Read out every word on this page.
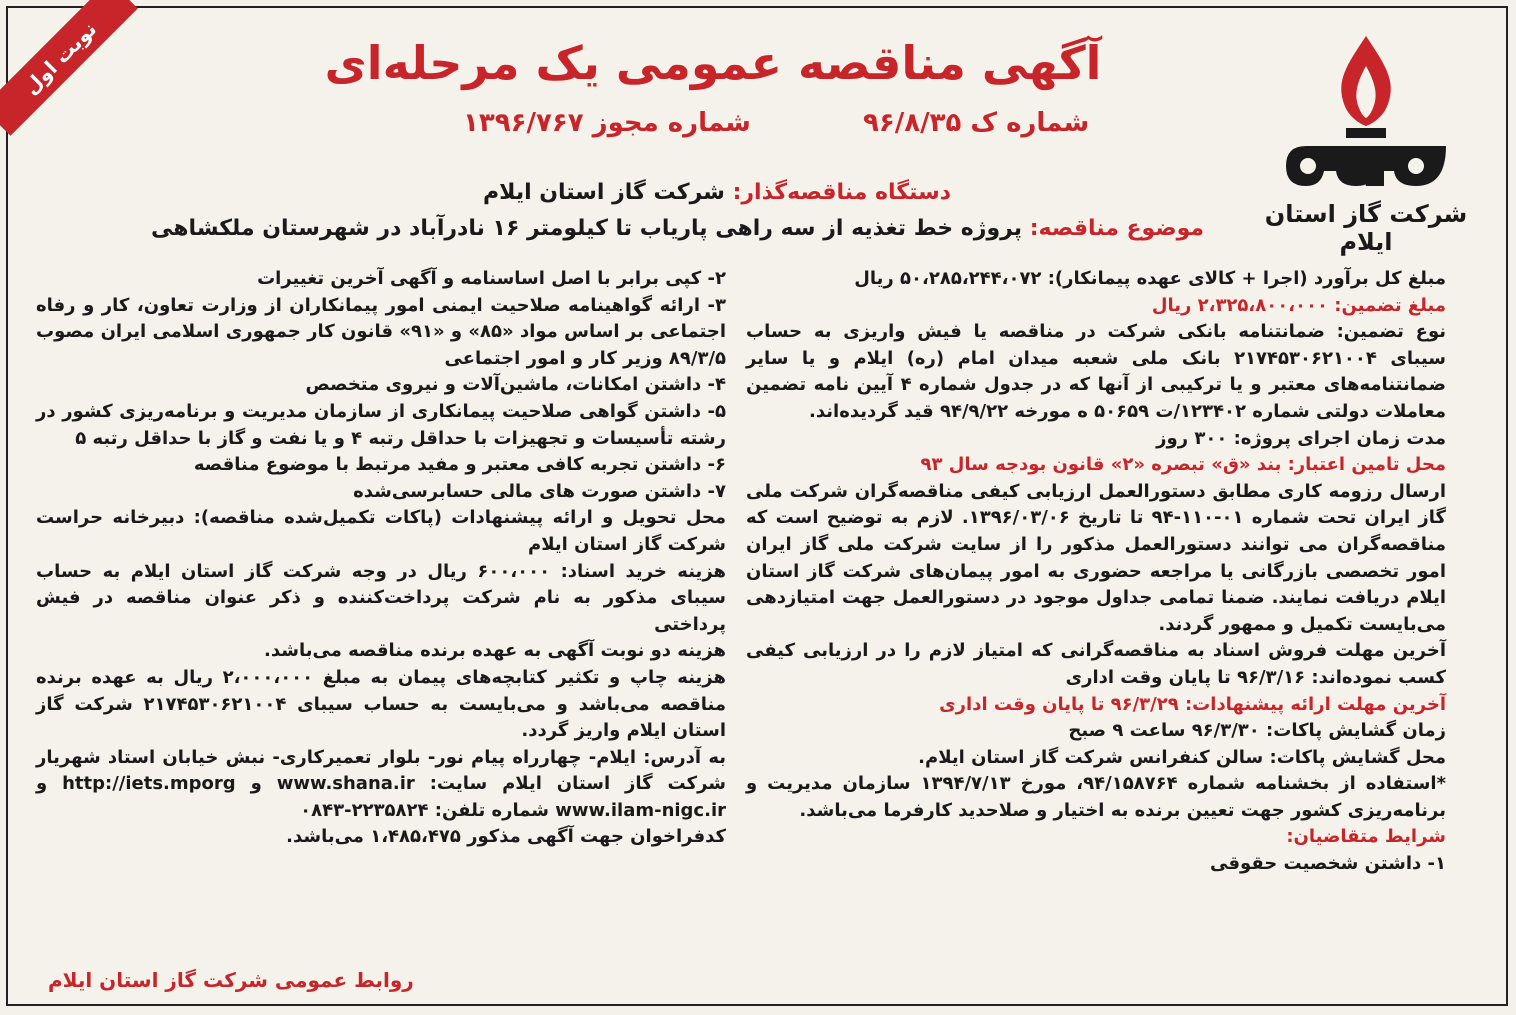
نوبت اول	آگهی مناقصه عمومی یک مرحله‌ای
شماره ک ۹۶/۸/۳۵
شماره مجوز ۱۳۹۶/۷۶۷
شرکت گاز استان ایلام
دستگاه مناقصه‌گذار: شرکت گاز استان ایلام
موضوع مناقصه: پروژه خط تغذیه از سه راهی پاریاب تا کیلومتر ۱۶ نادرآباد در شهرستان ملکشاهی

مبلغ کل برآورد (اجرا + کالای عهده پیمانکار): ۵۰،۲۸۵،۲۴۴،۰۷۲ ریال

مبلغ تضمین: ۲،۳۲۵،۸۰۰،۰۰۰ ریال

نوع تضمین: ضمانتنامه بانکی شرکت در مناقصه یا فیش واریزی به حساب سیبای ۲۱۷۴۵۳۰۶۲۱۰۰۴ بانک ملی شعبه میدان امام (ره) ایلام و یا سایر ضمانتنامه‌های معتبر و یا ترکیبی از آنها که در جدول شماره ۴ آیین نامه تضمین معاملات دولتی شماره ۱۲۳۴۰۲/ت ۵۰۶۵۹ ه مورخه ۹۴/۹/۲۲ قید گردیده‌اند.

مدت زمان اجرای پروژه: ۳۰۰ روز

محل تامین اعتبار: بند «ق» تبصره «۲» قانون بودجه سال ۹۳

ارسال رزومه کاری مطابق دستورالعمل ارزیابی کیفی مناقصه‌گران شرکت ملی گاز ایران تحت شماره ۰۱-۱۱۰-۹۴ تا تاریخ ۱۳۹۶/۰۳/۰۶. لازم به توضیح است که مناقصه‌گران می توانند دستورالعمل مذکور را از سایت شرکت ملی گاز ایران امور تخصصی بازرگانی یا مراجعه حضوری به امور پیمان‌های شرکت گاز استان ایلام دریافت نمایند. ضمنا تمامی جداول موجود در دستورالعمل جهت امتیازدهی می‌بایست تکمیل و ممهور گردند.

آخرین مهلت فروش اسناد به مناقصه‌گرانی که امتیاز لازم را در ارزیابی کیفی کسب نموده‌اند: ۹۶/۳/۱۶ تا پایان وقت اداری

آخرین مهلت ارائه پیشنهادات: ۹۶/۳/۲۹ تا پایان وقت اداری

زمان گشایش پاکات: ۹۶/۳/۳۰ ساعت ۹ صبح

محل گشایش پاکات: سالن کنفرانس شرکت گاز استان ایلام.

*استفاده از بخشنامه شماره ۹۴/۱۵۸۷۶۴، مورخ ۱۳۹۴/۷/۱۳ سازمان مدیریت و برنامه‌ریزی کشور جهت تعیین برنده به اختیار و صلاحدید کارفرما می‌باشد.

شرایط متقاضیان:

۱- داشتن شخصیت حقوقی

۲- کپی برابر با اصل اساسنامه و آگهی آخرین تغییرات

۳- ارائه گواهینامه صلاحیت ایمنی امور پیمانکاران از وزارت تعاون، کار و رفاه اجتماعی بر اساس مواد «۸۵» و «۹۱» قانون کار جمهوری اسلامی ایران مصوب ۸۹/۳/۵ وزیر کار و امور اجتماعی

۴- داشتن امکانات، ماشین‌آلات و نیروی متخصص

۵- داشتن گواهی صلاحیت پیمانکاری از سازمان مدیریت و برنامه‌ریزی کشور در رشته تأسیسات و تجهیزات با حداقل رتبه ۴ و یا نفت و گاز با حداقل رتبه ۵

۶- داشتن تجربه کافی معتبر و مفید مرتبط با موضوع مناقصه

۷- داشتن صورت های مالی حسابرسی‌شده

محل تحویل و ارائه پیشنهادات (پاکات تکمیل‌شده مناقصه): دبیرخانه حراست شرکت گاز استان ایلام

هزینه خرید اسناد: ۶۰۰،۰۰۰ ریال در وجه شرکت گاز استان ایلام به حساب سیبای مذکور به نام شرکت پرداخت‌کننده و ذکر عنوان مناقصه در فیش پرداختی

هزینه دو نوبت آگهی به عهده برنده مناقصه می‌باشد.

هزینه چاپ و تکثیر کتابچه‌های پیمان به مبلغ ۲،۰۰۰،۰۰۰ ریال به عهده برنده مناقصه می‌باشد و می‌بایست به حساب سیبای ۲۱۷۴۵۳۰۶۲۱۰۰۴ شرکت گاز استان ایلام واریز گردد.

به آدرس: ایلام- چهارراه پیام نور- بلوار تعمیرکاری- نبش خیابان استاد شهریار شرکت گاز استان ایلام سایت: www.shana.ir و http://iets.mporg و www.ilam-nigc.ir شماره تلفن: ۲۲۳۵۸۲۴-۰۸۴۳

کدفراخوان جهت آگهی مذکور ۱،۴۸۵،۴۷۵ می‌باشد.

روابط عمومی شرکت گاز استان ایلام
